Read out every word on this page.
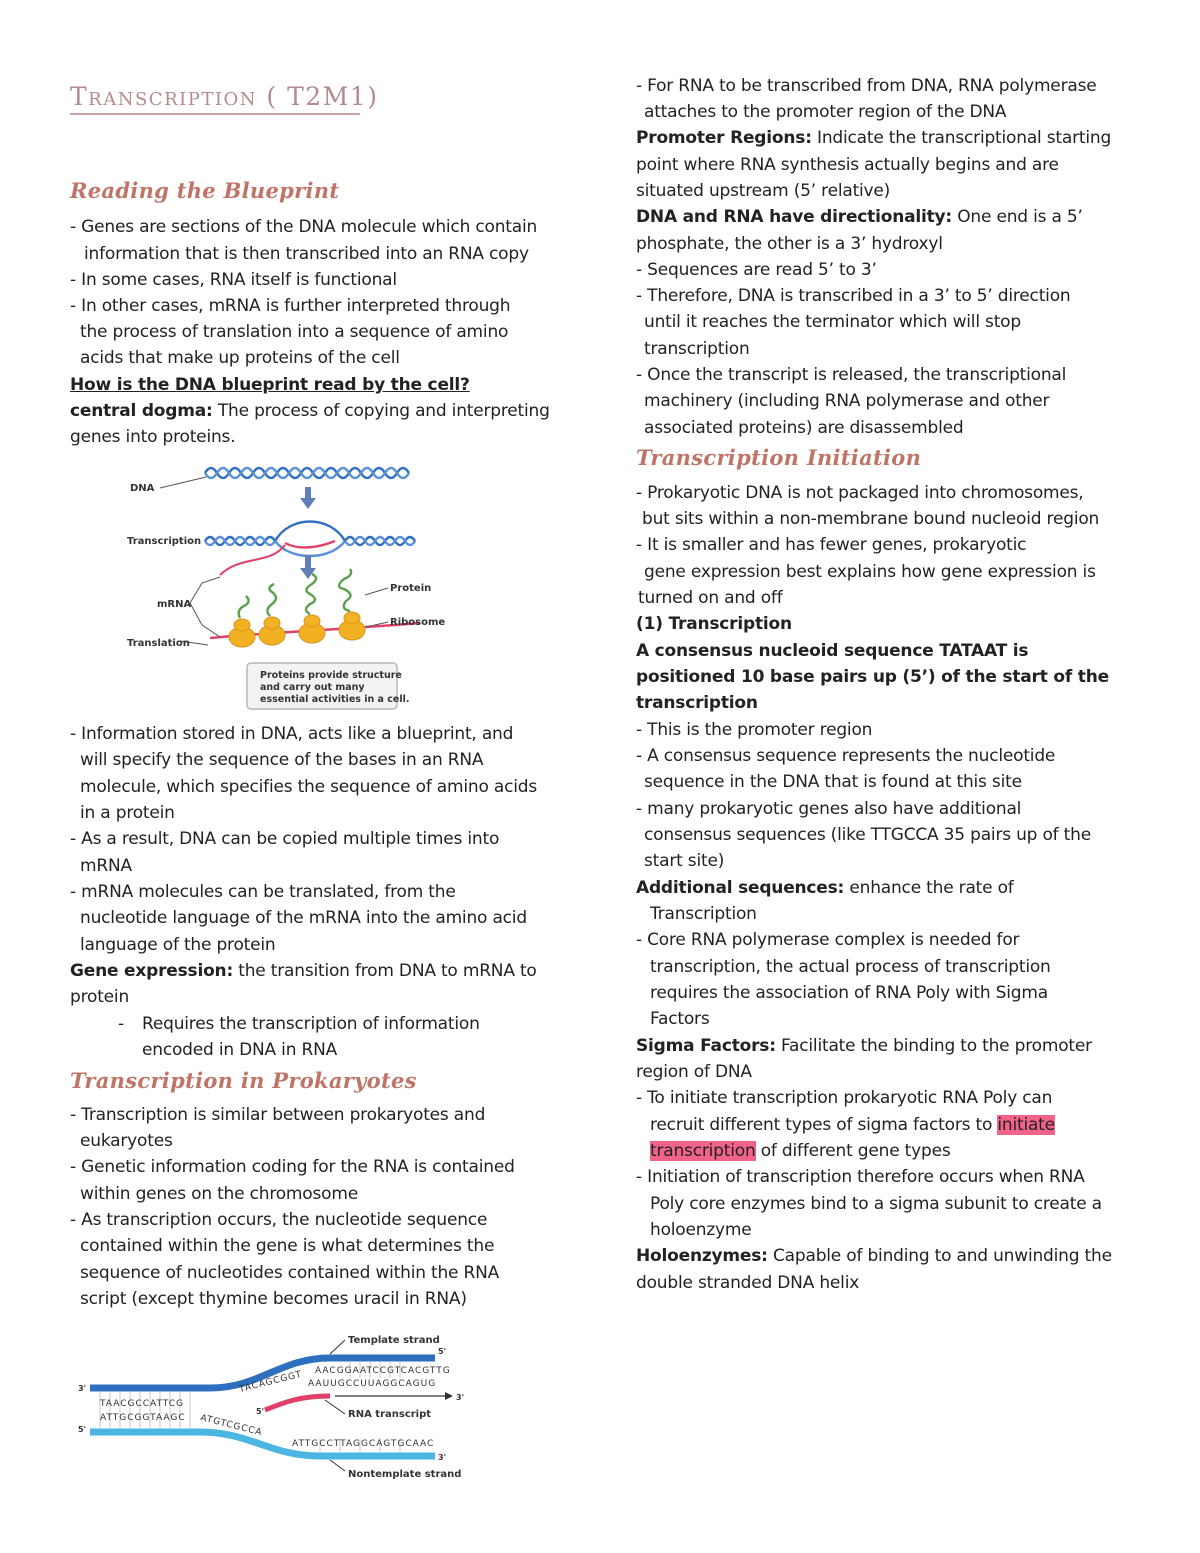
Transcription ( T2M1)
Reading the Blueprint
- Genes are sections of the DNA molecule which contain
information that is then transcribed into an RNA copy
- In some cases, RNA itself is functional
- In other cases, mRNA is further interpreted through
the process of translation into a sequence of amino
acids that make up proteins of the cell
How is the DNA blueprint read by the cell?
central dogma: The process of copying and interpreting
genes into proteins.
DNA
Transcription
Protein
Ribosome
mRNA
Translation
Proteins provide structure
and carry out many
essential activities in a cell.
- Information stored in DNA, acts like a blueprint, and
will specify the sequence of the bases in an RNA
molecule, which specifies the sequence of amino acids
in a protein
- As a result, DNA can be copied multiple times into
mRNA
- mRNA molecules can be translated, from the
nucleotide language of the mRNA into the amino acid
language of the protein
Gene expression: the transition from DNA to mRNA to
protein
- Requires the transcription of information
encoded in DNA in RNA
Transcription in Prokaryotes
- Transcription is similar between prokaryotes and
eukaryotes
- Genetic information coding for the RNA is contained
within genes on the chromosome
- As transcription occurs, the nucleotide sequence
contained within the gene is what determines the
sequence of nucleotides contained within the RNA
script (except thymine becomes uracil in RNA)
AACGGAATCCGTCACGTTG
TACAGCGGT AAUUGCCUUAGGCAGUG
TAACGCCATTCG
ATTGCGGTAAGC ATGTCGCCA
ATTGCCTTAGGCAGTGCAAC
5'
3'
5'
3'
5'
3'
Template strand
RNA transcript
Nontemplate strand
- For RNA to be transcribed from DNA, RNA polymerase
attaches to the promoter region of the DNA
Promoter Regions: Indicate the transcriptional starting
point where RNA synthesis actually begins and are
situated upstream (5’ relative)
DNA and RNA have directionality: One end is a 5’
phosphate, the other is a 3’ hydroxyl
- Sequences are read 5’ to 3’
- Therefore, DNA is transcribed in a 3’ to 5’ direction
until it reaches the terminator which will stop
transcription
- Once the transcript is released, the transcriptional
machinery (including RNA polymerase and other
associated proteins) are disassembled
Transcription Initiation
- Prokaryotic DNA is not packaged into chromosomes,
but sits within a non-membrane bound nucleoid region
- It is smaller and has fewer genes, prokaryotic
gene expression best explains how gene expression is
turned on and off
(1) Transcription
A consensus nucleoid sequence TATAAT is
positioned 10 base pairs up (5’) of the start of the
transcription
- This is the promoter region
- A consensus sequence represents the nucleotide
sequence in the DNA that is found at this site
- many prokaryotic genes also have additional
consensus sequences (like TTGCCA 35 pairs up of the
start site)
Additional sequences: enhance the rate of
Transcription
- Core RNA polymerase complex is needed for
transcription, the actual process of transcription
requires the association of RNA Poly with Sigma
Factors
Sigma Factors: Facilitate the binding to the promoter
region of DNA
- To initiate transcription prokaryotic RNA Poly can
recruit different types of sigma factors to initiate
transcription of different gene types
- Initiation of transcription therefore occurs when RNA
Poly core enzymes bind to a sigma subunit to create a
holoenzyme
Holoenzymes: Capable of binding to and unwinding the
double stranded DNA helix
